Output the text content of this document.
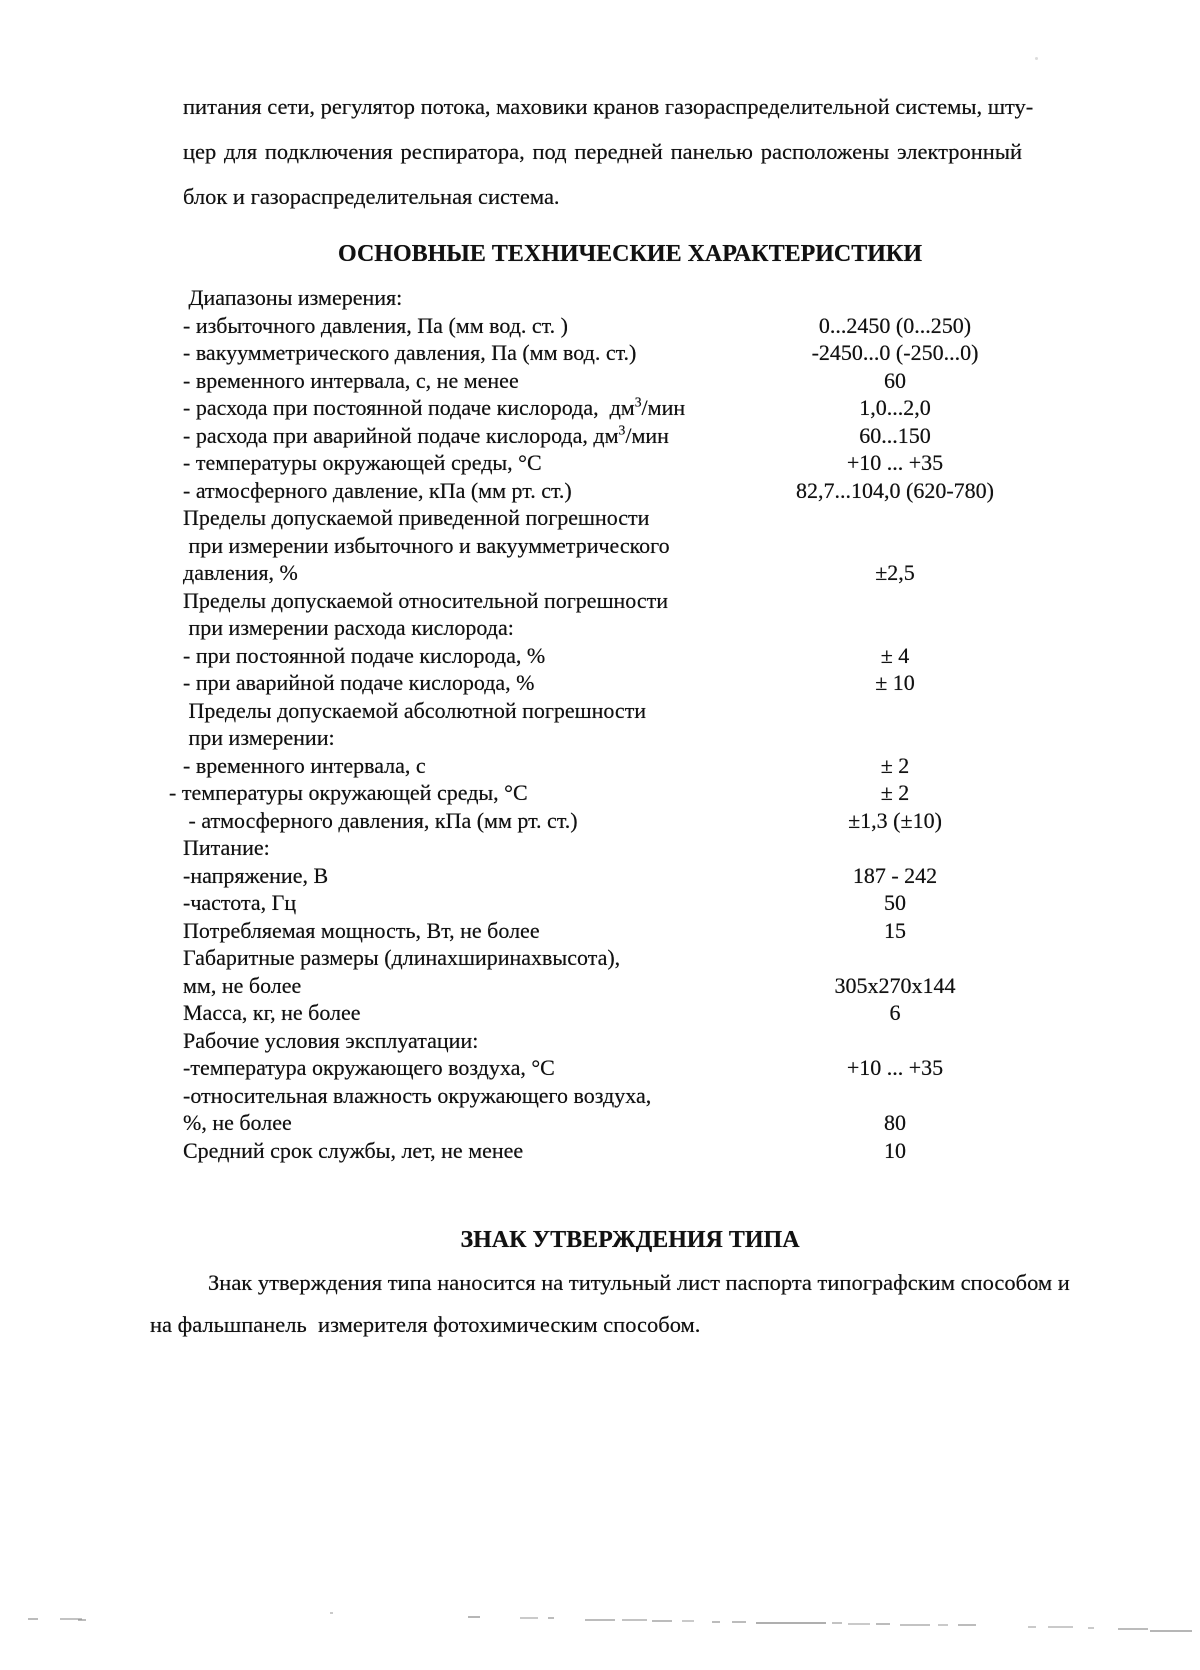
питания сети, регулятор потока, маховики кранов газораспределительной системы, шту-
цер для подключения респиратора, под передней панелью расположены электронный
блок и газораспределительная система.
ОСНОВНЫЕ ТЕХНИЧЕСКИЕ ХАРАКТЕРИСТИКИ
Диапазоны измерения:
- избыточного давления, Па (мм вод. ст. )	0...2450 (0...250)
- вакуумметрического давления, Па (мм вод. ст.)	-2450...0 (-250...0)
- временного интервала, с, не менее	60
- расхода при постоянной подаче кислорода,  $дм^3$/мин	1,0...2,0
- расхода при аварийной подаче кислорода, $дм^3$/мин	60...150
- температуры окружающей среды, °С	+10 ... +35
- атмосферного давление, кПа (мм рт. ст.)	82,7...104,0 (620-780)
Пределы допускаемой приведенной погрешности
при измерении избыточного и вакуумметрического
давления, %	±2,5
Пределы допускаемой относительной погрешности
при измерении расхода кислорода:
- при постоянной подаче кислорода, %	± 4
- при аварийной подаче кислорода, %	± 10
Пределы допускаемой абсолютной погрешности
при измерении:
- временного интервала, с	± 2
- температуры окружающей среды, °С	± 2
- атмосферного давления, кПа (мм рт. ст.)	±1,3 (±10)
Питание:
-напряжение, В	187 - 242
-частота, Гц	50
Потребляемая мощность, Вт, не более	15
Габаритные размеры (длинахширинахвысота),
мм, не более	305х270х144
Масса, кг, не более	6
Рабочие условия эксплуатации:
-температура окружающего воздуха, °С	+10 ... +35
-относительная влажность окружающего воздуха,
%, не более	80
Средний срок службы, лет, не менее	10
ЗНАК УТВЕРЖДЕНИЯ ТИПА
Знак утверждения типа наносится на титульный лист паспорта типографским способом и
на фальшпанель  измерителя фотохимическим способом.
